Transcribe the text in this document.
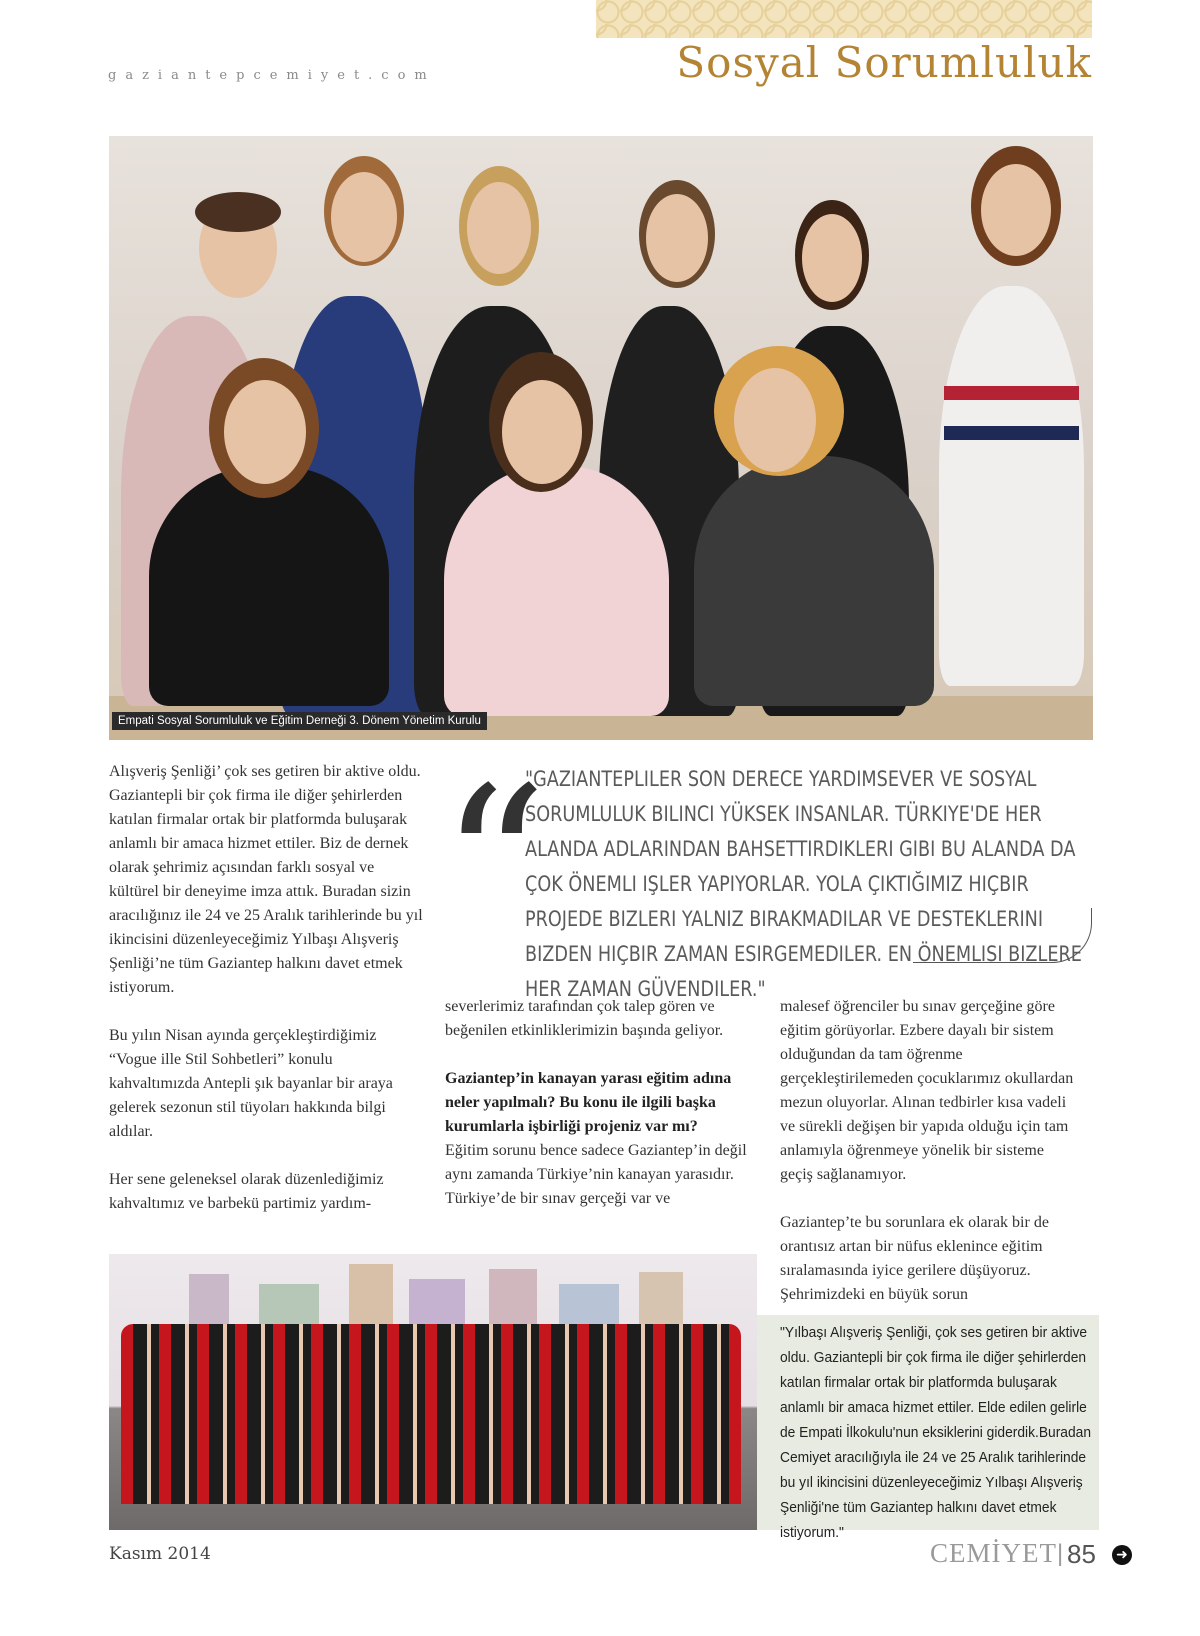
gaziantepcemiyet.com	Sosyal Sorumluluk
Empati Sosyal Sorumluluk ve Eğitim Derneği 3. Dönem Yönetim Kurulu

Alışveriş Şenliği’ çok ses getiren bir aktive oldu. Gaziantepli bir çok firma ile diğer şehirlerden katılan firmalar ortak bir platformda buluşarak anlamlı bir amaca hizmet ettiler. Biz de dernek olarak şehrimiz açısından farklı sosyal ve kültürel bir deneyime imza attık. Buradan sizin aracılığınız ile 24 ve 25 Aralık tarihlerinde bu yıl ikincisini düzenleyeceğimiz Yılbaşı Alışveriş Şenliği’ne tüm Gaziantep halkını davet etmek istiyorum.

Bu yılın Nisan ayında gerçekleştirdiğimiz “Vogue ille Stil Sohbetleri” konulu kahvaltımızda Antepli şık bayanlar bir araya gelerek sezonun stil tüyoları hakkında bilgi aldılar.

Her sene geleneksel olarak düzenlediğimiz kahvaltımız ve barbekü partimiz yardım-

“
"GAZIANTEPLILER SON DERECE YARDIMSEVER VE SOSYAL SORUMLULUK BILINCI YÜKSEK INSANLAR. TÜRKIYE'DE HER ALANDA ADLARINDAN BAHSETTIRDIKLERI GIBI BU ALANDA DA ÇOK ÖNEMLI IŞLER YAPIYORLAR. YOLA ÇIKTIĞIMIZ HIÇBIR PROJEDE BIZLERI YALNIZ BIRAKMADILAR VE DESTEKLERINI BIZDEN HIÇBIR ZAMAN ESIRGEMEDILER. EN ÖNEMLISI BIZLERE HER ZAMAN GÜVENDILER."

severlerimiz tarafından çok talep gören ve beğenilen etkinliklerimizin başında geliyor.

Gaziantep’in kanayan yarası eğitim adına neler yapılmalı? Bu konu ile ilgili başka kurumlarla işbirliği projeniz var mı?

Eğitim sorunu bence sadece Gaziantep’in değil aynı zamanda Türkiye’nin kanayan yarasıdır. Türkiye’de bir sınav gerçeği var ve

malesef öğrenciler bu sınav gerçeğine göre eğitim görüyorlar. Ezbere dayalı bir sistem olduğundan da tam öğrenme gerçekleştirilemeden çocuklarımız okullardan mezun oluyorlar. Alınan tedbirler kısa vadeli ve sürekli değişen bir yapıda olduğu için tam anlamıyla öğrenmeye yönelik bir sisteme geçiş sağlanamıyor.

Gaziantep’te bu sorunlara ek olarak bir de orantısız artan bir nüfus eklenince eğitim sıralamasında iyice gerilere düşüyoruz. Şehrimizdeki en büyük sorun

"Yılbaşı Alışveriş Şenliği, çok ses getiren bir aktive oldu. Gaziantepli bir çok firma ile diğer şehirlerden katılan firmalar ortak bir platformda buluşarak anlamlı bir amaca hizmet ettiler. Elde edilen gelirle de Empati İlkokulu'nun eksiklerini giderdik.Buradan Cemiyet aracılığıyla ile 24 ve 25 Aralık tarihlerinde bu yıl ikincisini düzenleyeceğimiz Yılbaşı Alışveriş Şenliği'ne tüm Gaziantep halkını davet etmek istiyorum."
Kasım 2014	CEMİYET | 85 ➜
